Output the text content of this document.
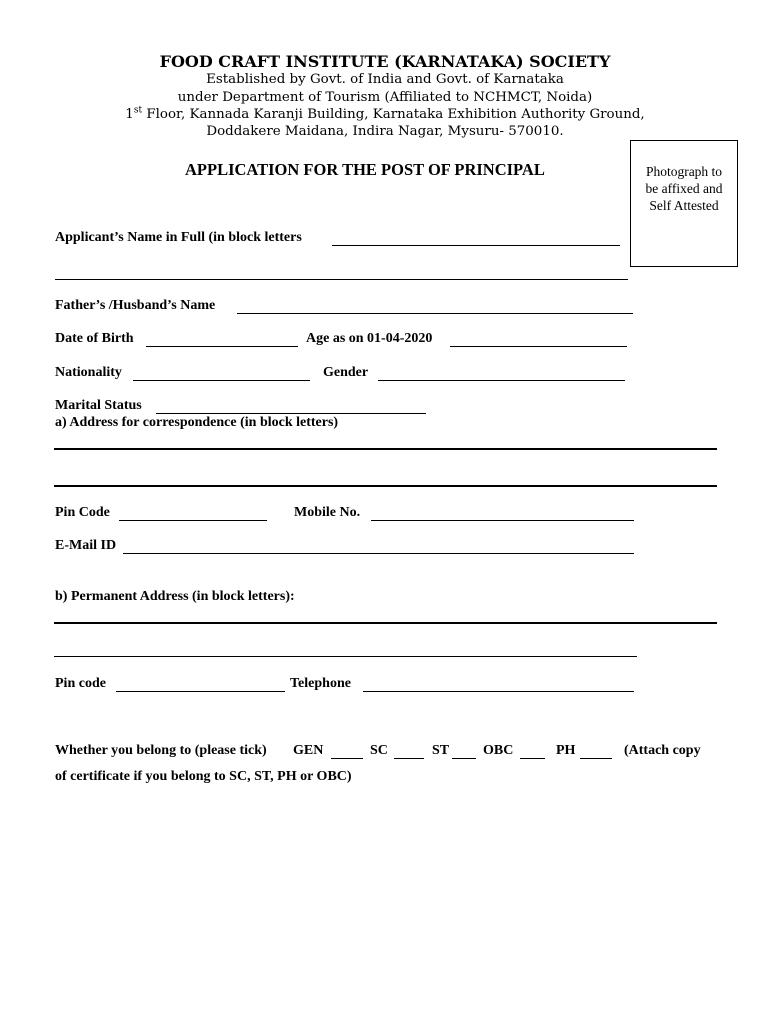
FOOD CRAFT INSTITUTE (KARNATAKA) SOCIETY
Established by Govt. of India and Govt. of Karnataka
under Department of Tourism (Affiliated to NCHMCT, Noida)
1st Floor, Kannada Karanji Building, Karnataka Exhibition Authority Ground,
Doddakere Maidana, Indira Nagar, Mysuru- 570010.
APPLICATION FOR THE POST OF PRINCIPAL	Photograph to
be affixed and
Self Attested
Applicant’s Name in Full (in block letters
Father’s /Husband’s Name
Date of Birth	Age as on 01-04-2020
Nationality	Gender
Marital Status
a) Address for correspondence (in block letters)
Pin Code	Mobile No.
E-Mail ID
b) Permanent Address (in block letters):
Pin code	Telephone
Whether you belong to (please tick) GEN	SC	ST OBC	PH	(Attach copy
of certificate if you belong to SC, ST, PH or OBC)
